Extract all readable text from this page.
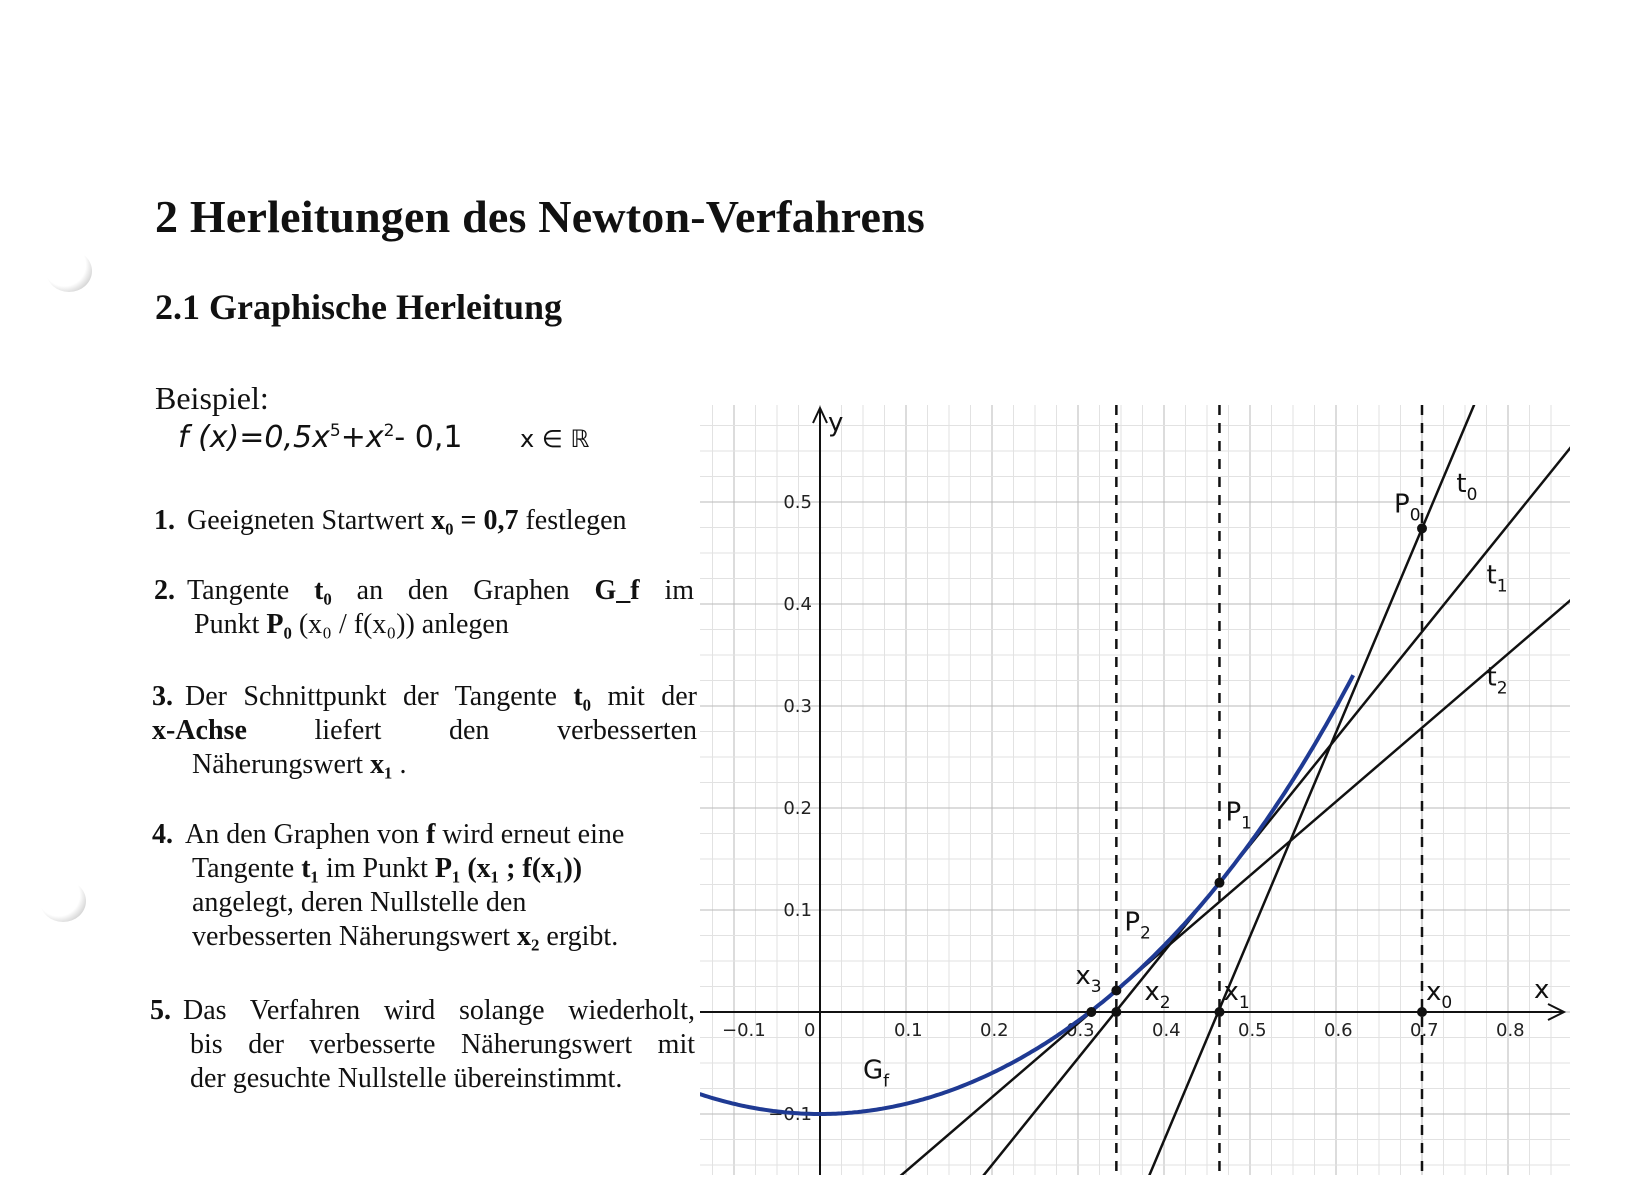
2 Herleitungen des Newton-Verfahrens
2.1 Graphische Herleitung
Beispiel:
f $(x)=0,5x^5+x^2-$ 0,1 x ∈ ℝ
1. Geeigneten Startwert x₀ = 0,7 festlegen
2. Tangente t₀ an den Graphen G_f im
Punkt P₀ (x₀ / f(x₀)) anlegen
3. Der Schnittpunkt der Tangente t₀ mit der
x-Achse liefert den verbesserten
Näherungswert x₁ .
4. An den Graphen von f wird erneut eine
Tangente t₁ im Punkt P₁ (x₁ ; f(x₁))
angelegt, deren Nullstelle den
verbesserten Näherungswert x₂ ergibt.
5. Das Verfahren wird solange wiederholt,
bis der verbesserte Näherungswert mit
der gesuchte Nullstelle übereinstimmt.
x
y
−0.1 0	0.1	0.2	0.3	0.4	0.5	0.6	0.7	0.8
−0.1
0.1
0.2
0.3
0.4
0.5
$G_f$
$P_0$
$P_1$
$P_2$
$x_0$
$x_1$
$x_2$
$x_3$
$t_0$
$t_1$
$t_2$
